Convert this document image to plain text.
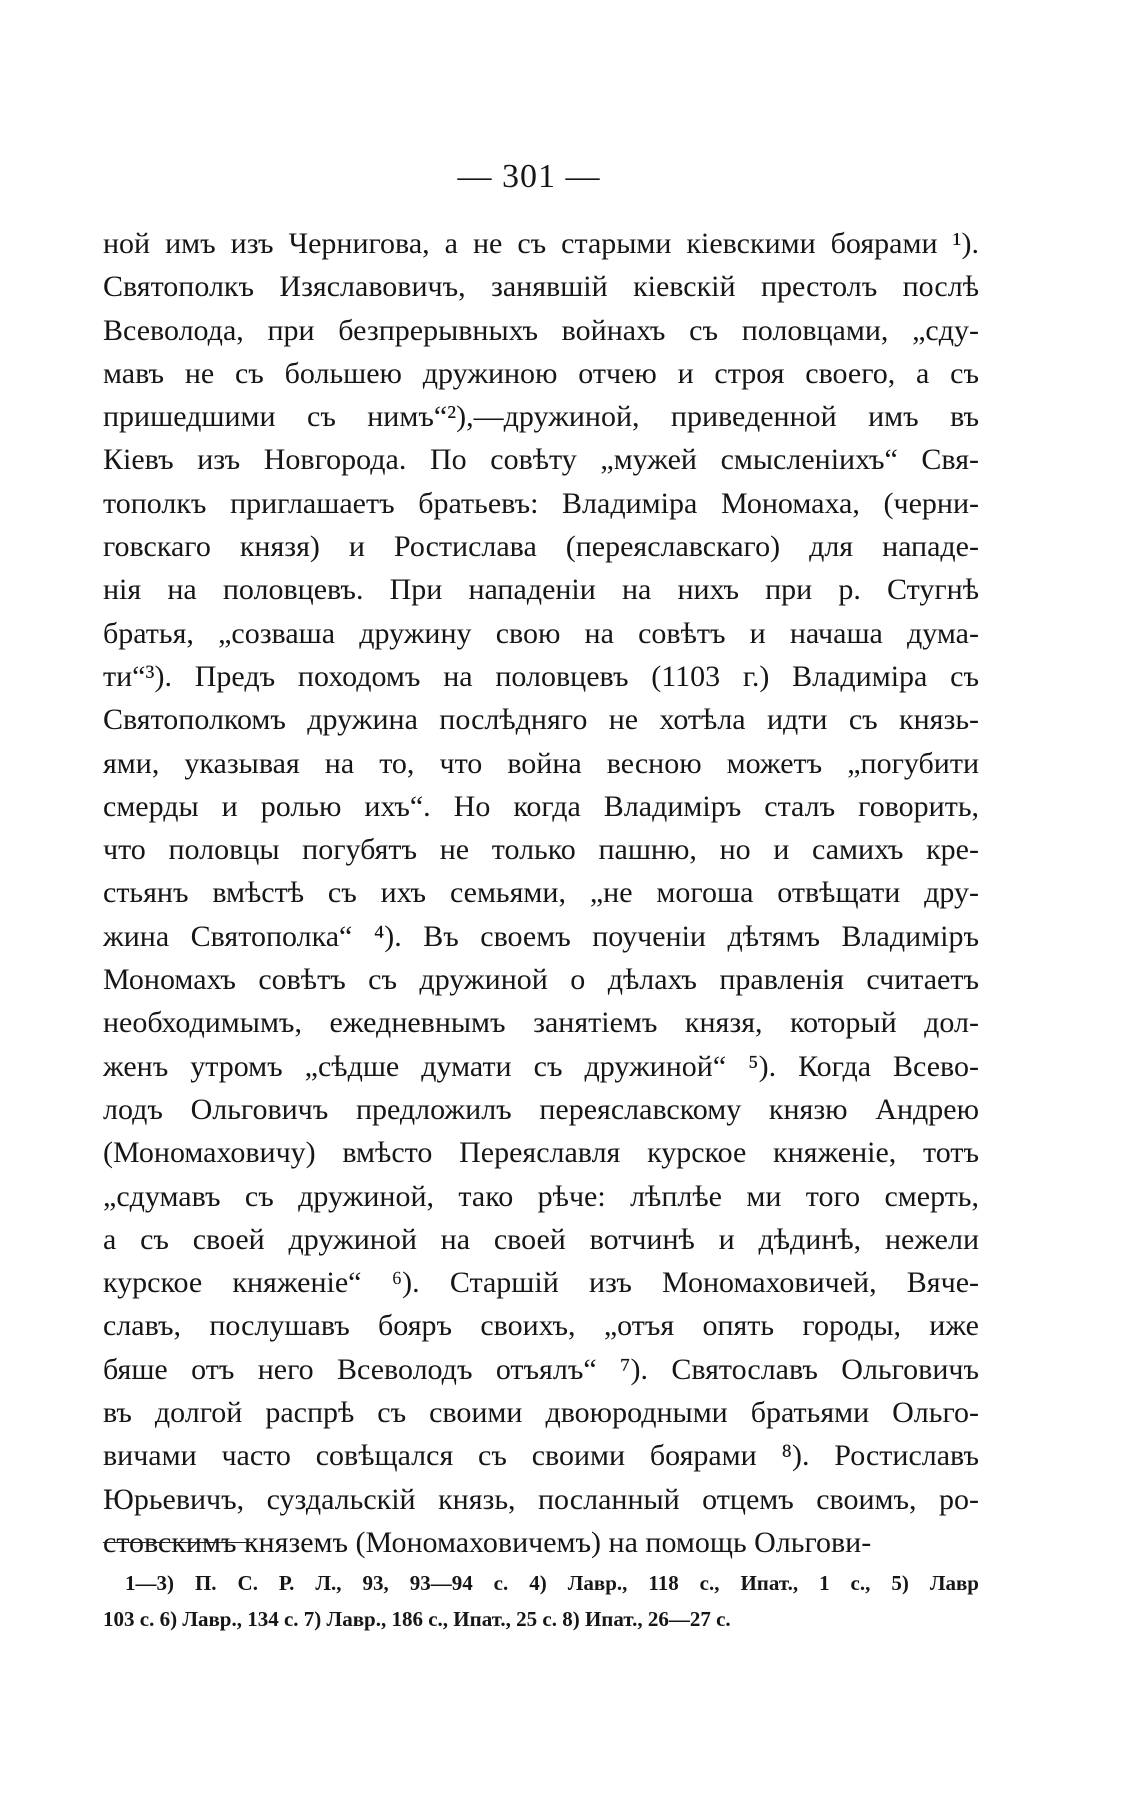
— 301 —
ной имъ изъ Чернигова, а не съ старыми кіевскими боярами ¹).
Святополкъ Изяславовичъ, занявшій кіевскій престолъ послѣ
Всеволода, при безпрерывныхъ войнахъ съ половцами, „сду-
мавъ не съ большею дружиною отчею и строя своего, а съ
пришедшими съ нимъ“²),—дружиной, приведенной имъ въ
Кіевъ изъ Новгорода. По совѣту „мужей смысленіихъ“ Свя-
тополкъ приглашаетъ братьевъ: Владиміра Мономаха, (черни-
говскаго князя) и Ростислава (переяславскаго) для нападе-
нія на половцевъ. При нападеніи на нихъ при р. Стугнѣ
братья, „созваша дружину свою на совѣтъ и начаша дума-
ти“³). Предъ походомъ на половцевъ (1103 г.) Владиміра съ
Святополкомъ дружина послѣдняго не хотѣла идти съ князь-
ями, указывая на то, что война весною можетъ „погубити
смерды и ролью ихъ“. Но когда Владиміръ сталъ говорить,
что половцы погубятъ не только пашню, но и самихъ кре-
стьянъ вмѣстѣ съ ихъ семьями, „не могоша отвѣщати дру-
жина Святополка“ ⁴). Въ своемъ поученіи дѣтямъ Владиміръ
Мономахъ совѣтъ съ дружиной о дѣлахъ правленія считаетъ
необходимымъ, ежедневнымъ занятіемъ князя, который дол-
женъ утромъ „сѣдше думати съ дружиной“ ⁵). Когда Всево-
лодъ Ольговичъ предложилъ переяславскому князю Андрею
(Мономаховичу) вмѣсто Переяславля курское княженіе, тотъ
„сдумавъ съ дружиной, тако рѣче: лѣплѣе ми того смерть,
а съ своей дружиной на своей вотчинѣ и дѣдинѣ, нежели
курское княженіе“ ⁶). Старшій изъ Мономаховичей, Вяче-
славъ, послушавъ бояръ своихъ, „отъя опять городы, иже
бяше отъ него Всеволодъ отъялъ“ ⁷). Святославъ Ольговичъ
въ долгой распрѣ съ своими двоюродными братьями Ольго-
вичами часто совѣщался съ своими боярами ⁸). Ростиславъ
Юрьевичъ, суздальскій князь, посланный отцемъ своимъ, ро-
стовскимъ княземъ (Мономаховичемъ) на помощь Ольгови-
1—3) П. С. Р. Л., 93, 93—94 с. 4) Лавр., 118 с., Ипат., 1 с., 5) Лавр
103 с. 6) Лавр., 134 с. 7) Лавр., 186 с., Ипат., 25 с. 8) Ипат., 26—27 с.
